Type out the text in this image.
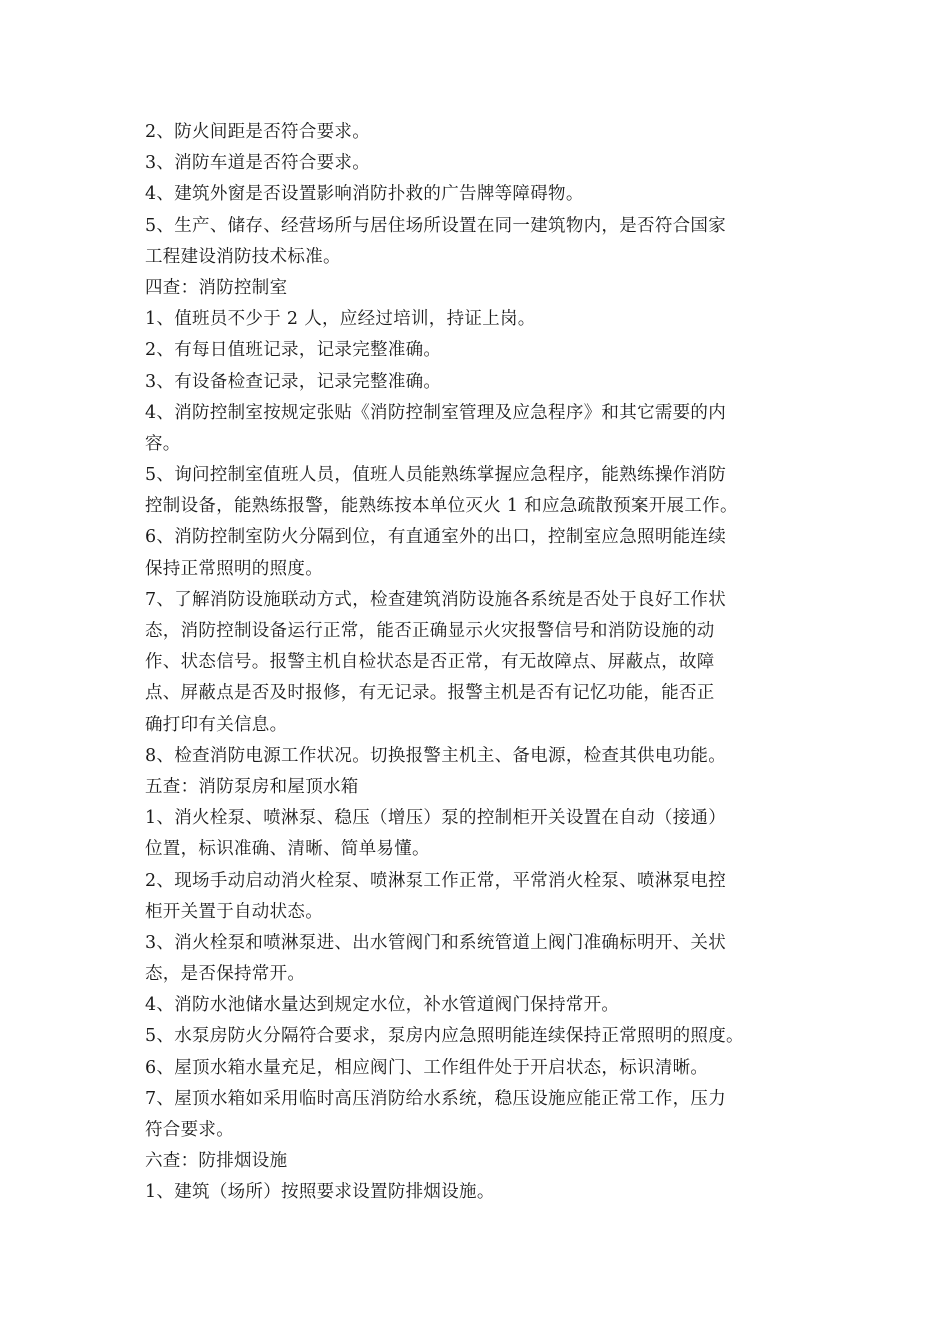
2、防火间距是否符合要求。
3、消防车道是否符合要求。
4、建筑外窗是否设置影响消防扑救的广告牌等障碍物。
5、生产、储存、经营场所与居住场所设置在同一建筑物内，是否符合国家
工程建设消防技术标准。
四查：消防控制室
1、值班员不少于 2 人，应经过培训，持证上岗。
2、有每日值班记录，记录完整准确。
3、有设备检查记录，记录完整准确。
4、消防控制室按规定张贴《消防控制室管理及应急程序》和其它需要的内
容。
5、询问控制室值班人员，值班人员能熟练掌握应急程序，能熟练操作消防
控制设备，能熟练报警，能熟练按本单位灭火 1 和应急疏散预案开展工作。
6、消防控制室防火分隔到位，有直通室外的出口，控制室应急照明能连续
保持正常照明的照度。
7、了解消防设施联动方式，检查建筑消防设施各系统是否处于良好工作状
态，消防控制设备运行正常，能否正确显示火灾报警信号和消防设施的动
作、状态信号。报警主机自检状态是否正常，有无故障点、屏蔽点，故障
点、屏蔽点是否及时报修，有无记录。报警主机是否有记忆功能，能否正
确打印有关信息。
8、检查消防电源工作状况。切换报警主机主、备电源，检查其供电功能。
五查：消防泵房和屋顶水箱
1、消火栓泵、喷淋泵、稳压（增压）泵的控制柜开关设置在自动（接通）
位置，标识准确、清晰、简单易懂。
2、现场手动启动消火栓泵、喷淋泵工作正常，平常消火栓泵、喷淋泵电控
柜开关置于自动状态。
3、消火栓泵和喷淋泵进、出水管阀门和系统管道上阀门准确标明开、关状
态，是否保持常开。
4、消防水池储水量达到规定水位，补水管道阀门保持常开。
5、水泵房防火分隔符合要求，泵房内应急照明能连续保持正常照明的照度。
6、屋顶水箱水量充足，相应阀门、工作组件处于开启状态，标识清晰。
7、屋顶水箱如采用临时高压消防给水系统，稳压设施应能正常工作，压力
符合要求。
六查：防排烟设施
1、建筑（场所）按照要求设置防排烟设施。
